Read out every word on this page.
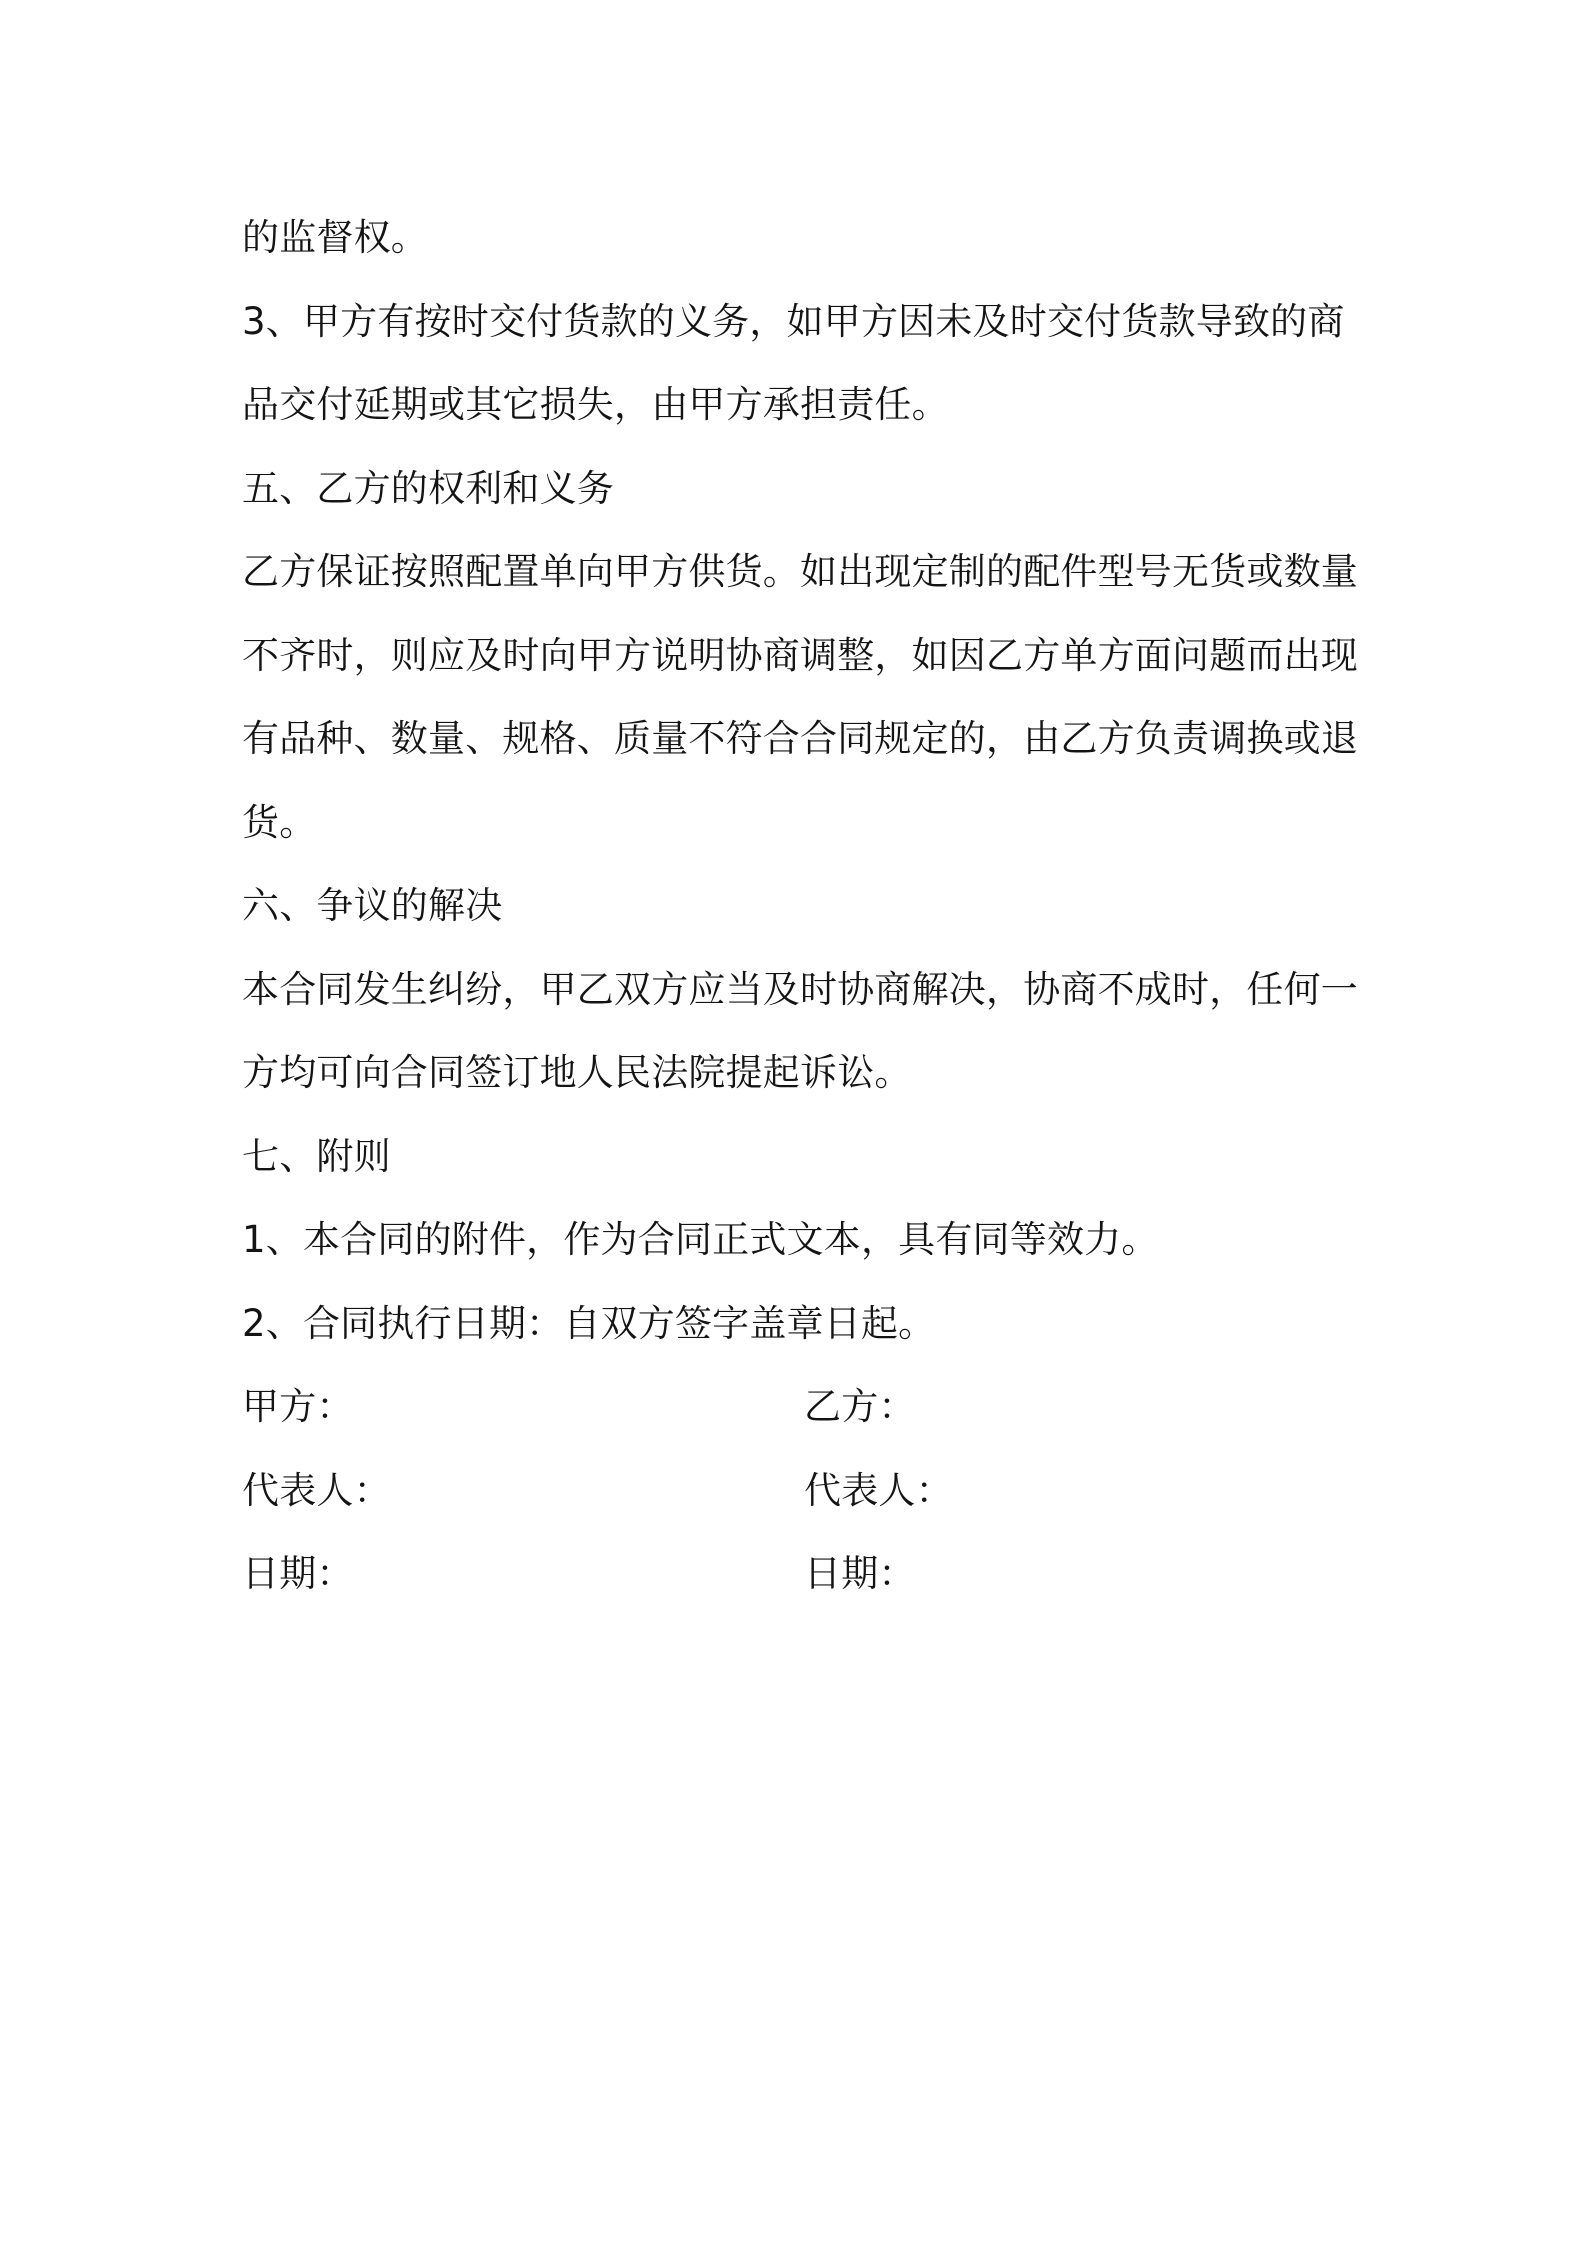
的监督权。
3、甲方有按时交付货款的义务，如甲方因未及时交付货款导致的商
品交付延期或其它损失，由甲方承担责任。
五、乙方的权利和义务
乙方保证按照配置单向甲方供货。如出现定制的配件型号无货或数量
不齐时，则应及时向甲方说明协商调整，如因乙方单方面问题而出现
有品种、数量、规格、质量不符合合同规定的，由乙方负责调换或退
货。
六、争议的解决
本合同发生纠纷，甲乙双方应当及时协商解决，协商不成时，任何一
方均可向合同签订地人民法院提起诉讼。
七、附则
1、本合同的附件，作为合同正式文本，具有同等效力。
2、合同执行日期：自双方签字盖章日起。
甲方：	乙方：
代表人：	代表人：
日期：	日期：
